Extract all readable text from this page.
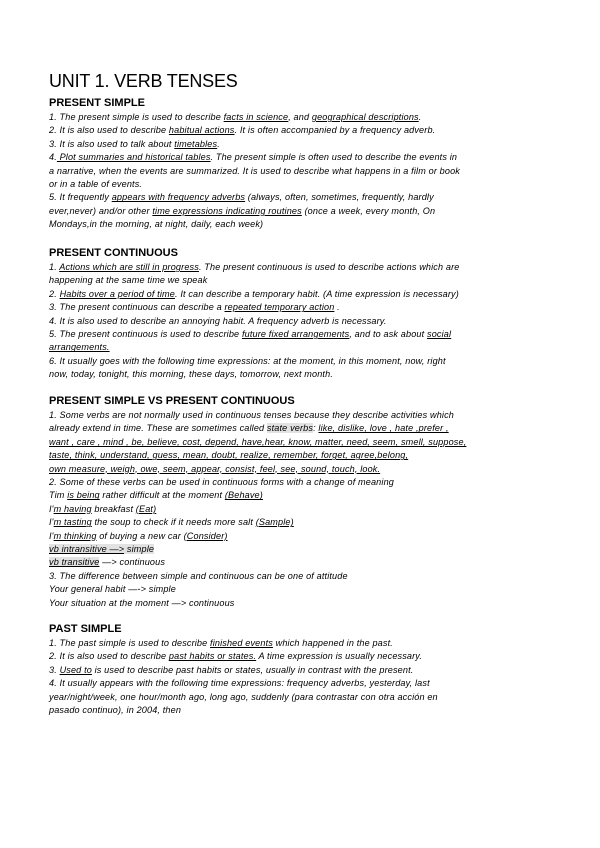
UNIT 1. VERB TENSES
PRESENT SIMPLE
1. The present simple is used to describe facts in science, and geographical descriptions.
2. It is also used to describe habitual actions. It is often accompanied by a frequency adverb.
3. It is also used to talk about timetables.
4. Plot summaries and historical tables. The present simple is often used to describe the events in
a narrative, when the events are summarized. It is used to describe what happens in a film or book
or in a table of events.
5. It frequently appears with frequency adverbs (always, often, sometimes, frequently, hardly
ever,never) and/or other time expressions indicating routines (once a week, every month, On
Mondays,in the morning, at night, daily, each week)
PRESENT CONTINUOUS
1. Actions which are still in progress. The present continuous is used to describe actions which are
happening at the same time we speak
2. Habits over a period of time. It can describe a temporary habit. (A time expression is necessary)
3. The present continuous can describe a repeated temporary action .
4. It is also used to describe an annoying habit. A frequency adverb is necessary.
5. The present continuous is used to describe future fixed arrangements, and to ask about social
arrangements.
6. It usually goes with the following time expressions: at the moment, in this moment, now, right
now, today, tonight, this morning, these days, tomorrow, next month.
PRESENT SIMPLE VS PRESENT CONTINUOUS
1. Some verbs are not normally used in continuous tenses because they describe activities which
already extend in time. These are sometimes called state verbs: like, dislike, love , hate ,prefer ,
want , care , mind , be, believe, cost, depend, have,hear, know, matter, need, seem, smell, suppose,
taste, think, understand, guess, mean, doubt, realize, remember, forget, agree,belong,
own measure, weigh, owe, seem, appear, consist, feel, see, sound, touch, look.
2. Some of these verbs can be used in continuous forms with a change of meaning
Tim is being rather difficult at the moment (Behave)
I'm having breakfast (Eat)
I'm tasting the soup to check if it needs more salt (Sample)
I'm thinking of buying a new car (Consider)
vb intransitive —> simple
vb transitive —> continuous
3. The difference between simple and continuous can be one of attitude
Your general habit —-> simple
Your situation at the moment —> continuous
PAST SIMPLE
1. The past simple is used to describe finished events which happened in the past.
2. It is also used to describe past habits or states. A time expression is usually necessary.
3. Used to is used to describe past habits or states, usually in contrast with the present.
4. It usually appears with the following time expressions: frequency adverbs, yesterday, last
year/night/week, one hour/month ago, long ago, suddenly (para contrastar con otra acción en
pasado continuo), in 2004, then
